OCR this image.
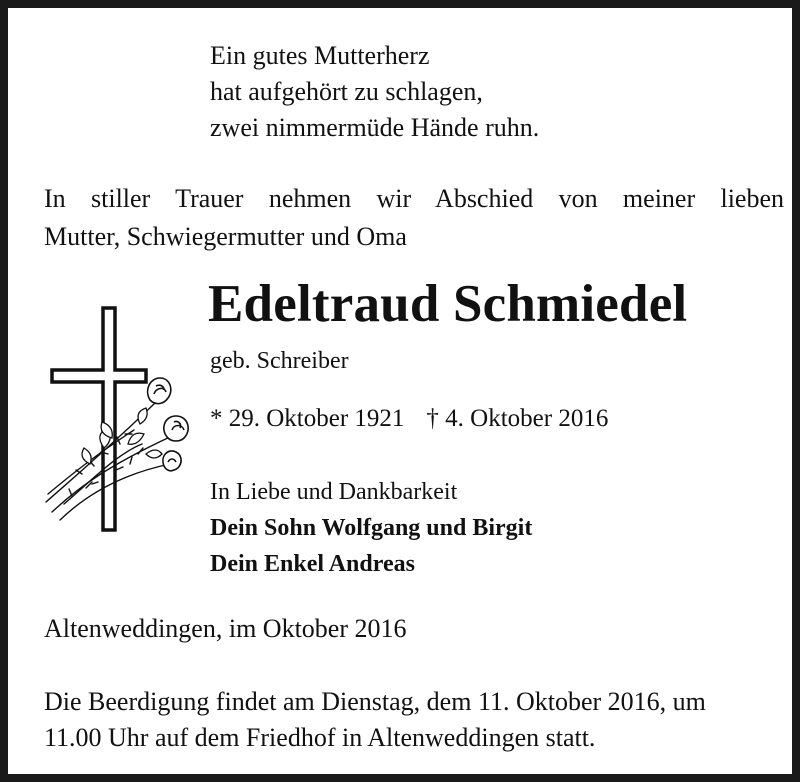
Ein gutes Mutterherz
hat aufgehört zu schlagen,
zwei nimmermüde Hände ruhn.
In stiller Trauer nehmen wir Abschied von meiner lieben
Mutter, Schwiegermutter und Oma
Edeltraud Schmiedel
geb. Schreiber
* 29. Oktober 1921 † 4. Oktober 2016
In Liebe und Dankbarkeit
Dein Sohn Wolfgang und Birgit
Dein Enkel Andreas
Altenweddingen, im Oktober 2016
Die Beerdigung findet am Dienstag, dem 11. Oktober 2016, um
11.00 Uhr auf dem Friedhof in Altenweddingen statt.
